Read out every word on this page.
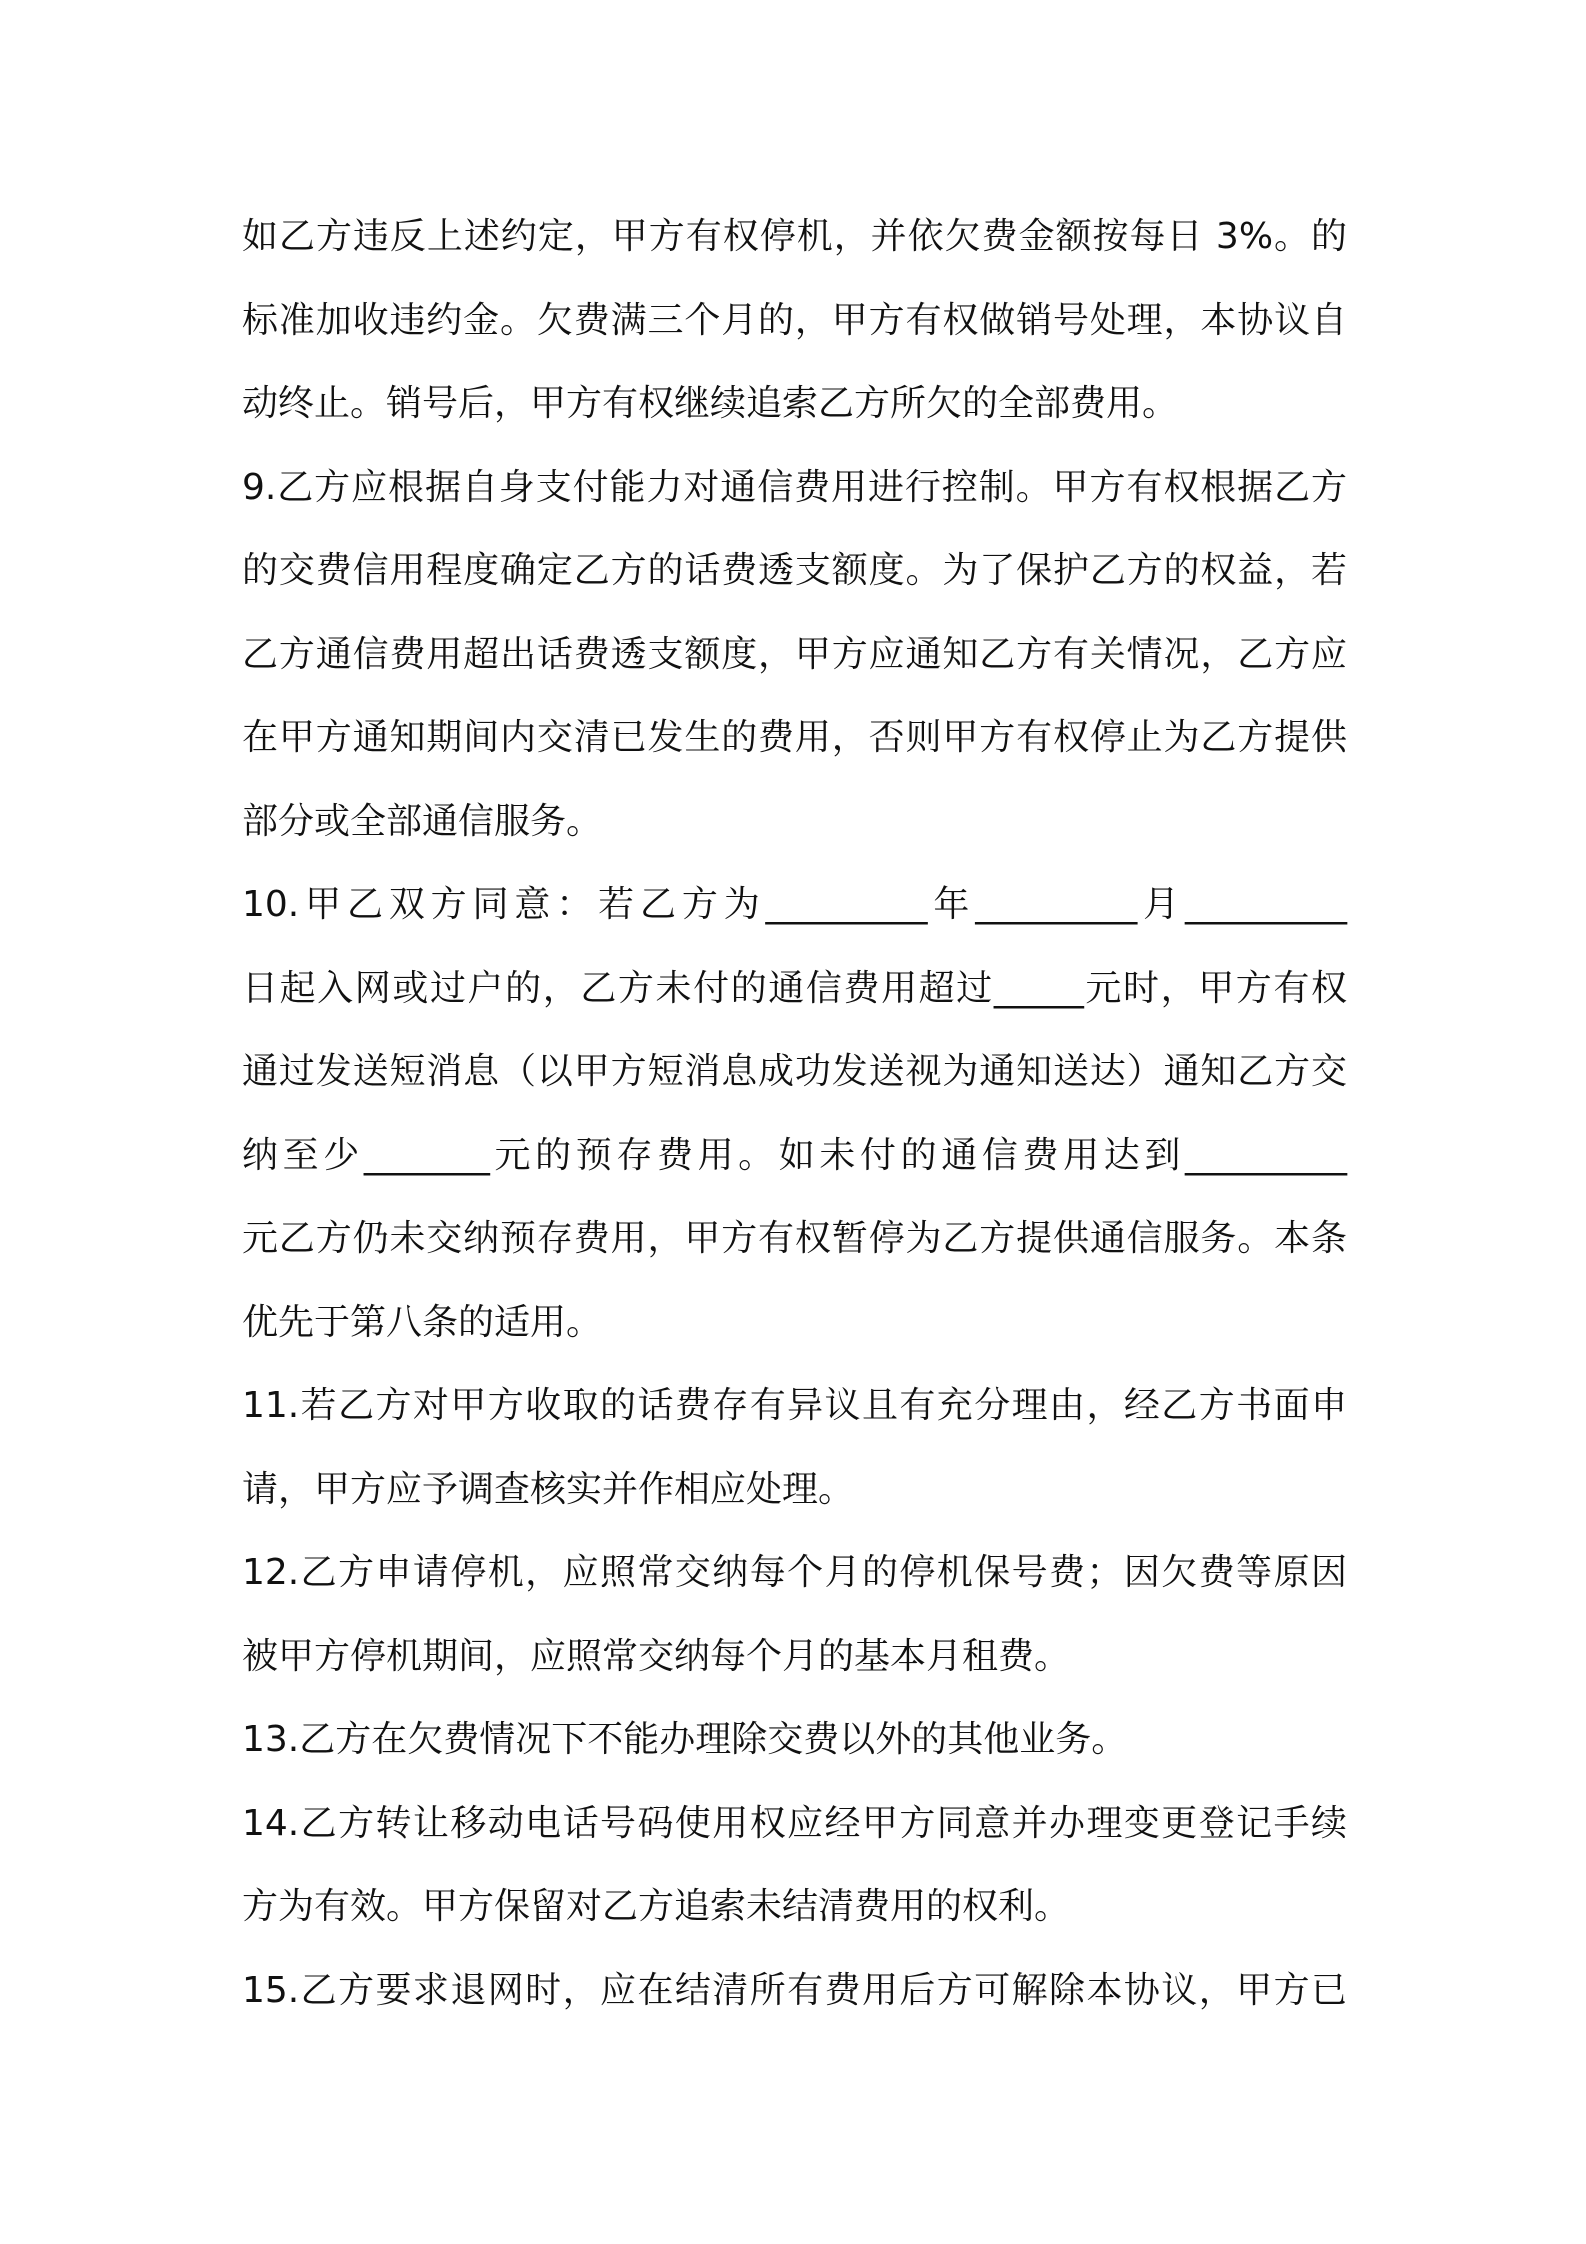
如乙方违反上述约定，甲方有权停机，并依欠费金额按每日 3%。的
标准加收违约金。欠费满三个月的，甲方有权做销号处理，本协议自
动终止。销号后，甲方有权继续追索乙方所欠的全部费用。
9.乙方应根据自身支付能力对通信费用进行控制。甲方有权根据乙方
的交费信用程度确定乙方的话费透支额度。为了保护乙方的权益，若
乙方通信费用超出话费透支额度，甲方应通知乙方有关情况，乙方应
在甲方通知期间内交清已发生的费用，否则甲方有权停止为乙方提供
部分或全部通信服务。
10.甲乙双方同意：若乙方为_________年_________月_________
日起入网或过户的，乙方未付的通信费用超过_____元时，甲方有权
通过发送短消息（以甲方短消息成功发送视为通知送达）通知乙方交
纳至少_______元的预存费用。如未付的通信费用达到_________
元乙方仍未交纳预存费用，甲方有权暂停为乙方提供通信服务。本条
优先于第八条的适用。
11.若乙方对甲方收取的话费存有异议且有充分理由，经乙方书面申
请，甲方应予调查核实并作相应处理。
12.乙方申请停机，应照常交纳每个月的停机保号费；因欠费等原因
被甲方停机期间，应照常交纳每个月的基本月租费。
13.乙方在欠费情况下不能办理除交费以外的其他业务。
14.乙方转让移动电话号码使用权应经甲方同意并办理变更登记手续
方为有效。甲方保留对乙方追索未结清费用的权利。
15.乙方要求退网时，应在结清所有费用后方可解除本协议，甲方已
